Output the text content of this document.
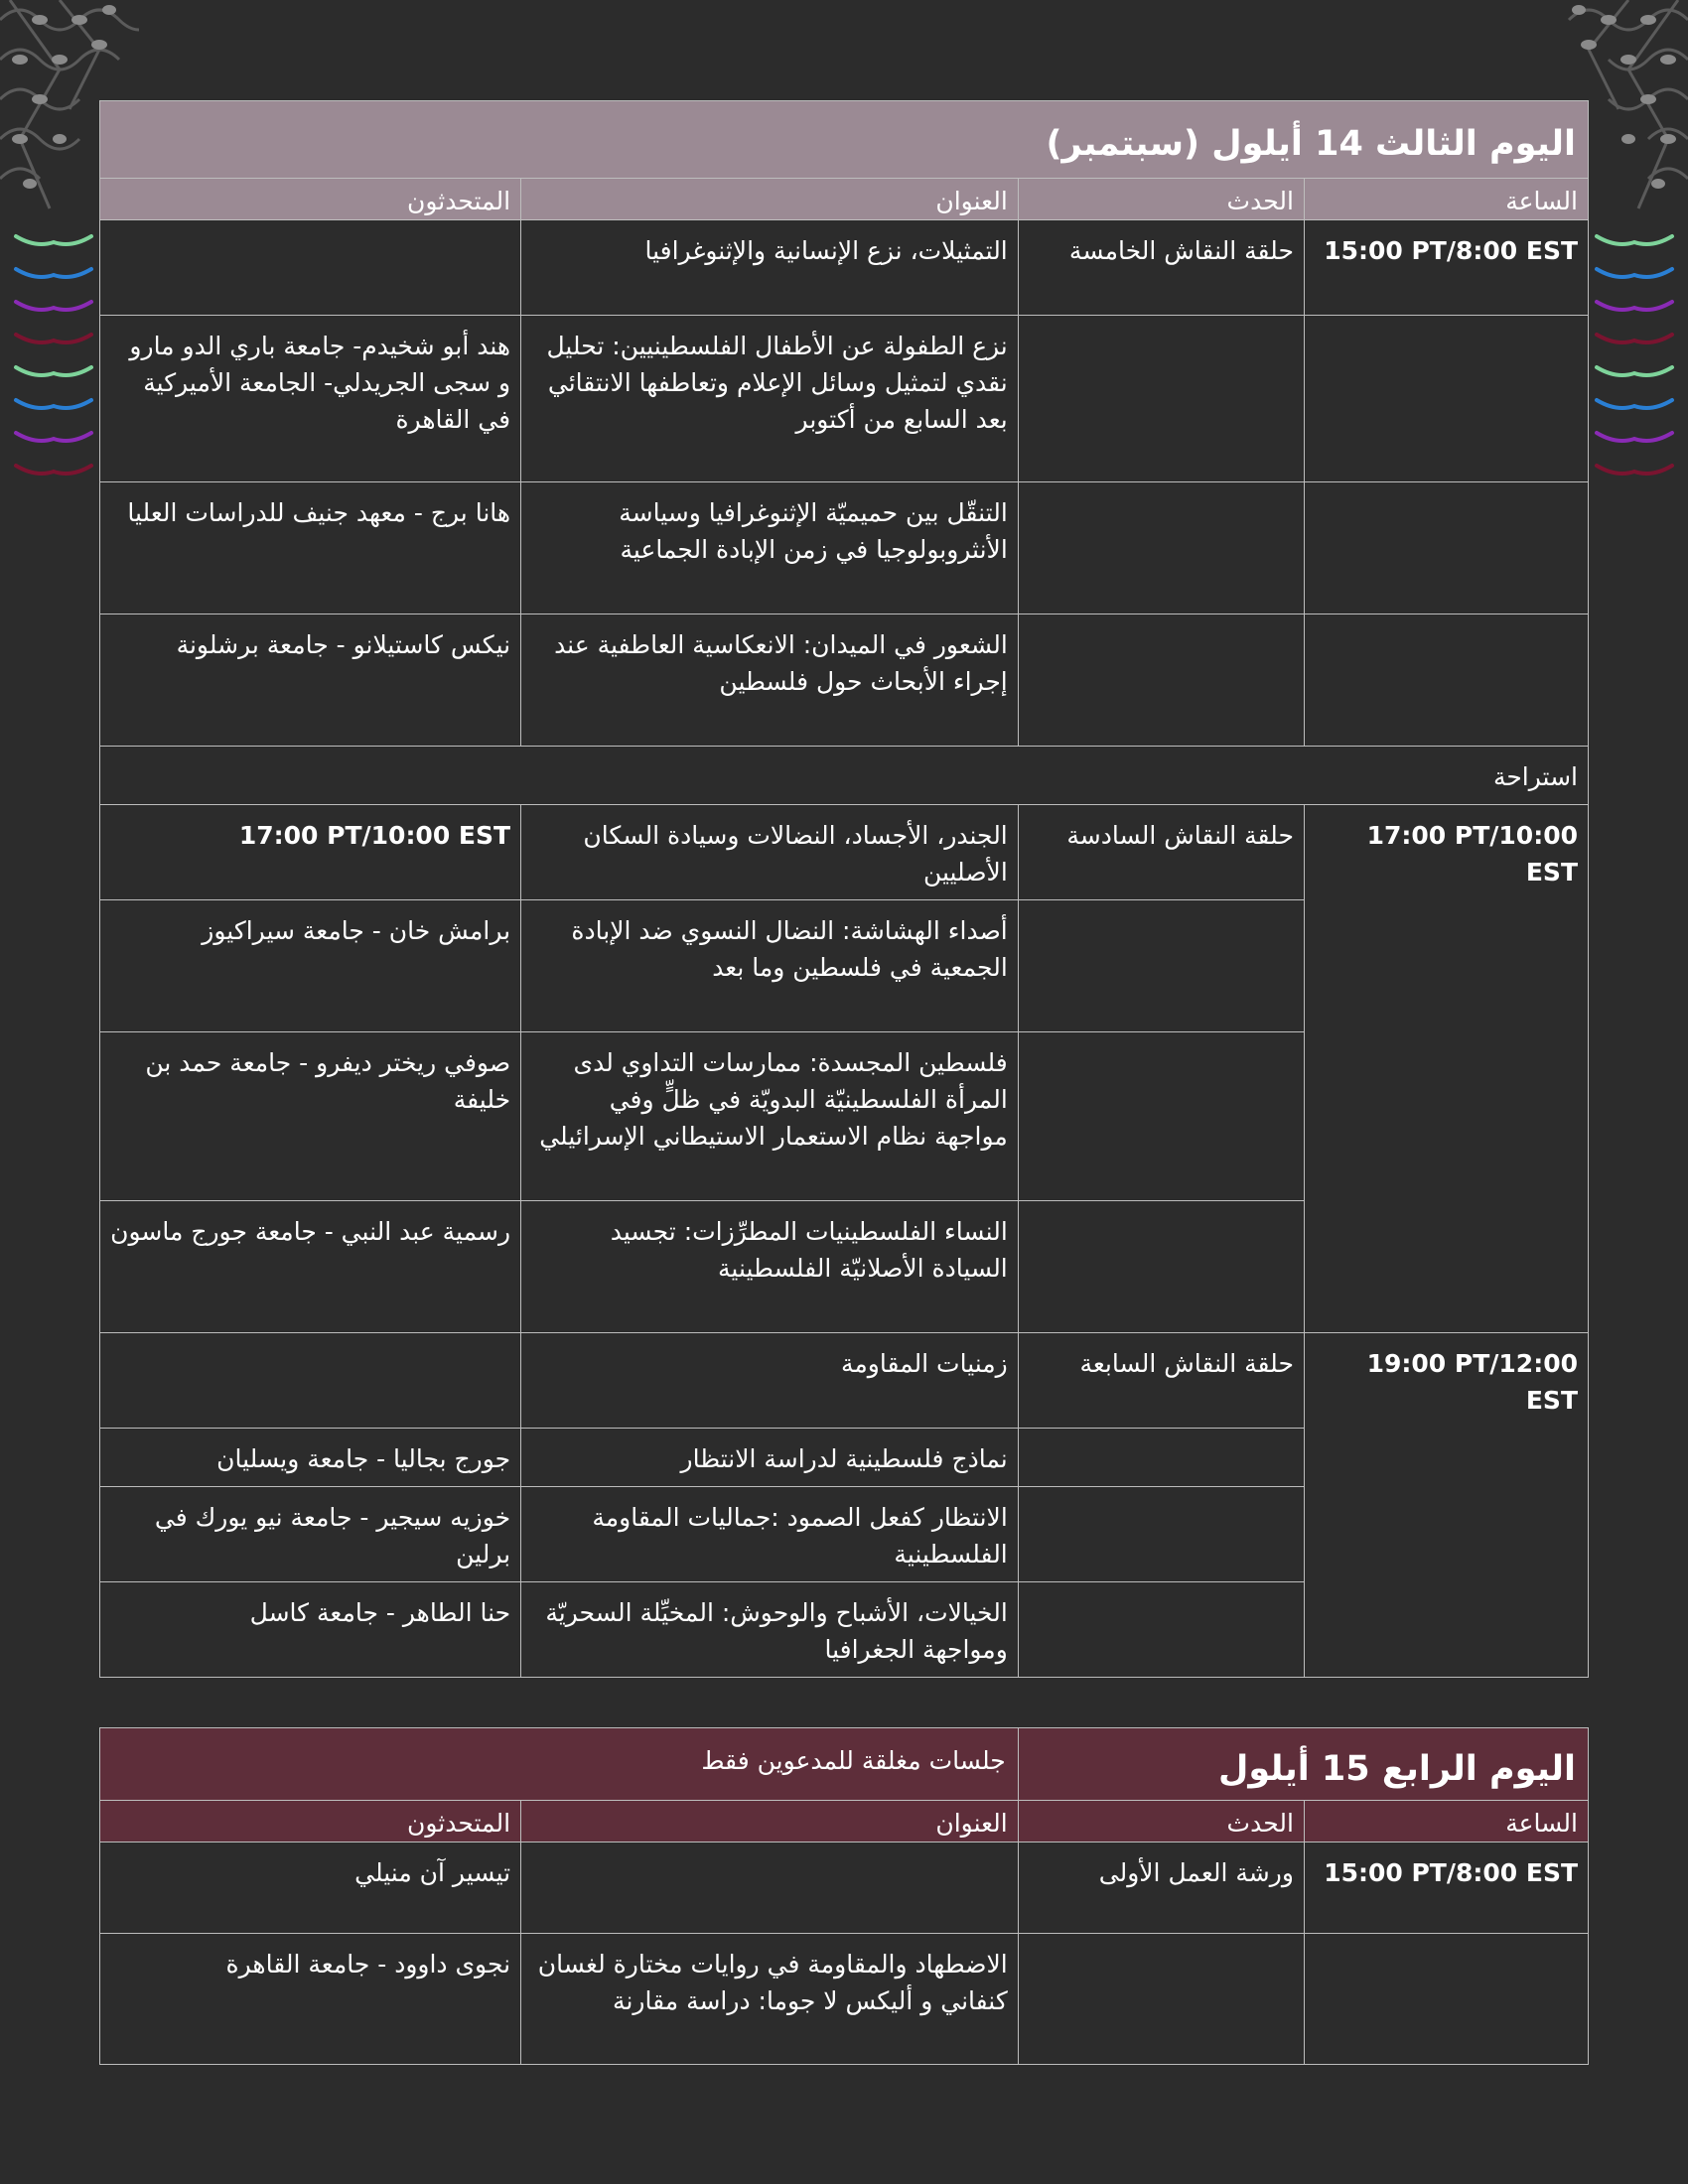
اليوم الثالث 14 أيلول (سبتمبر)			
الساعة	الحدث	العنوان	المتحدثون

15:00 PT/8:00 EST	حلقة النقاش الخامسة	التمثيلات، نزع الإنسانية والإثنوغرافيا	
		نزع الطفولة عن الأطفال الفلسطينيين: تحليل نقدي لتمثيل وسائل الإعلام وتعاطفها الانتقائي بعد السابع من أكتوبر	هند أبو شخيدم- جامعة باري الدو مارو و سجى الجريدلي- الجامعة الأميركية في القاهرة
		التنقّل بين حميميّة الإثنوغرافيا وسياسة الأنثروبولوجيا في زمن الإبادة الجماعية	هانا برج - معهد جنيف للدراسات العليا
		الشعور في الميدان: الانعكاسية العاطفية عند إجراء الأبحاث حول فلسطين	نيكس كاستيلانو - جامعة برشلونة
استراحة			

17:00 PT/10:00 EST	حلقة النقاش السادسة	الجندر، الأجساد، النضالات وسيادة السكان الأصليين	17:00 PT/10:00 EST

		أصداء الهشاشة: النضال النسوي ضد الإبادة الجمعية في فلسطين وما بعد	برامش خان - جامعة سيراكيوز
		فلسطين المجسدة: ممارسات التداوي لدى المرأة الفلسطينيّة البدويّة في ظلٍّ وفي مواجهة نظام الاستعمار الاستيطاني الإسرائيلي	صوفي ريختر ديفرو - جامعة حمد بن خليفة
		النساء الفلسطينيات المطرِّزات: تجسيد السيادة الأصلانيّة الفلسطينية	رسمية عبد النبي - جامعة جورج ماسون

19:00 PT/12:00 EST	حلقة النقاش السابعة	زمنيات المقاومة	
		نماذج فلسطينية لدراسة الانتظار	جورج بجاليا - جامعة ويسليان
		الانتظار كفعل الصمود :جماليات المقاومة الفلسطينية	خوزيه سيجير - جامعة نيو يورك في برلين
		الخيالات، الأشباح والوحوش: المخيِّلة السحريّة ومواجهة الجغرافيا	حنا الطاهر - جامعة كاسل
اليوم الرابع 15 أيلول		جلسات مغلقة للمدعوين فقط	
الساعة	الحدث	العنوان	المتحدثون

15:00 PT/8:00 EST	ورشة العمل الأولى		تيسير آن منيلي
		الاضطهاد والمقاومة في روايات مختارة لغسان كنفاني و أليكس لا جوما: دراسة مقارنة	نجوى داوود - جامعة القاهرة
